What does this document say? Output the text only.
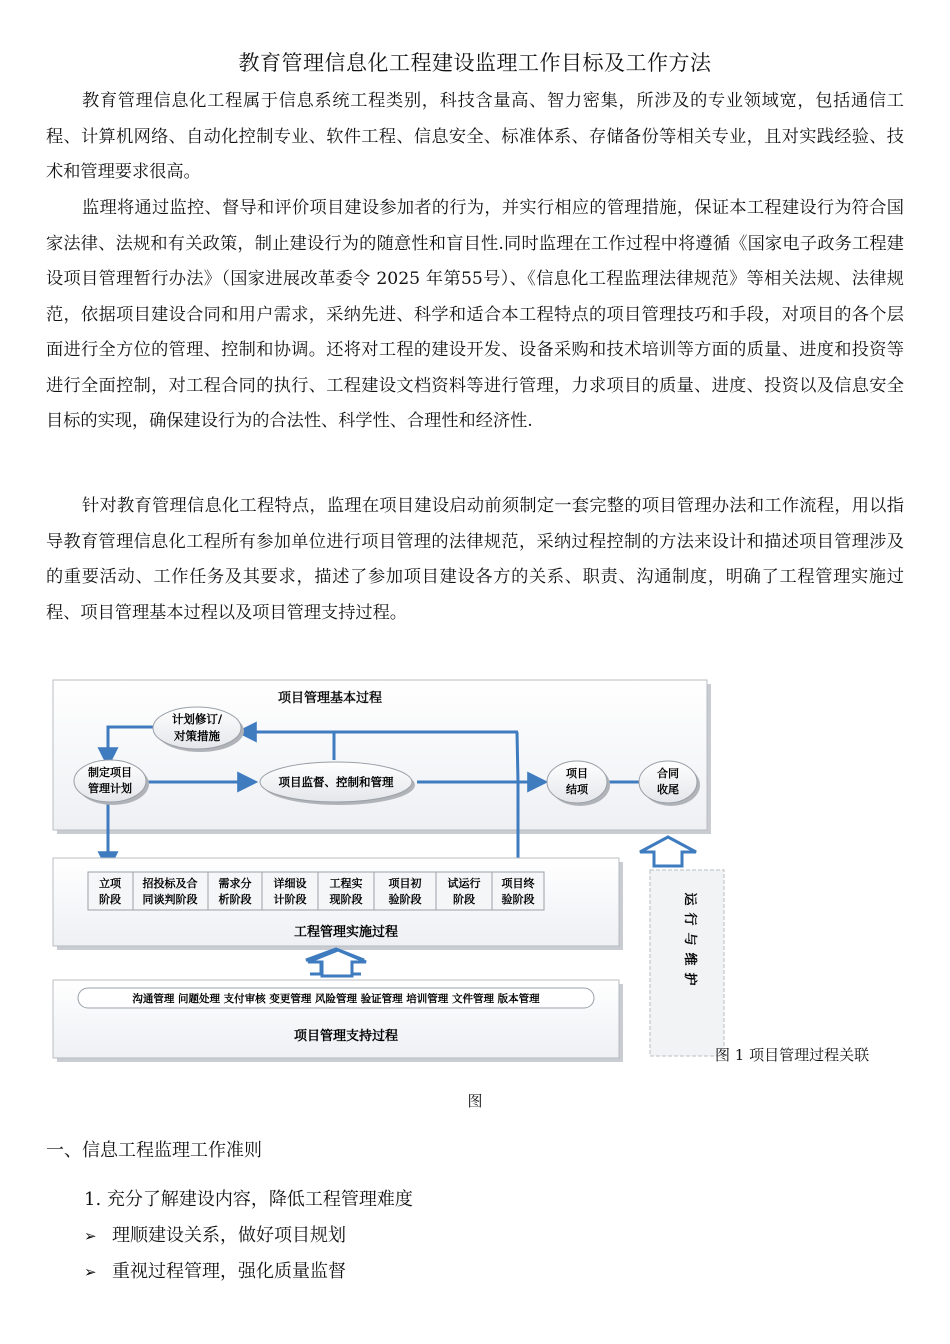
教育管理信息化工程建设监理工作目标及工作方法

教育管理信息化工程属于信息系统工程类别，科技含量高、智力密集，所涉及的专业领域宽，包括通信工程、计算机网络、自动化控制专业、软件工程、信息安全、标准体系、存储备份等相关专业，且对实践经验、技术和管理要求很高。

监理将通过监控、督导和评价项目建设参加者的行为，并实行相应的管理措施，保证本工程建设行为符合国家法律、法规和有关政策，制止建设行为的随意性和盲目性.同时监理在工作过程中将遵循《国家电子政务工程建设项目管理暂行办法》（国家进展改革委令 2025 年第55号）、《信息化工程监理法律规范》等相关法规、法律规范，依据项目建设合同和用户需求，采纳先进、科学和适合本工程特点的项目管理技巧和手段，对项目的各个层面进行全方位的管理、控制和协调。还将对工程的建设开发、设备采购和技术培训等方面的质量、进度和投资等进行全面控制，对工程合同的执行、工程建设文档资料等进行管理，力求项目的质量、进度、投资以及信息安全目标的实现，确保建设行为的合法性、科学性、合理性和经济性.

针对教育管理信息化工程特点，监理在项目建设启动前须制定一套完整的项目管理办法和工作流程，用以指导教育管理信息化工程所有参加单位进行项目管理的法律规范，采纳过程控制的方法来设计和描述项目管理涉及的重要活动、工作任务及其要求，描述了参加项目建设各方的关系、职责、沟通制度，明确了工程管理实施过程、项目管理基本过程以及项目管理支持过程。

项目管理基本过程
计划修订/
对策措施
制定项目
管理计划	项目监督、控制和管理
项目
结项
合同
收尾
立项
阶段
招投标及合
同谈判阶段
需求分
析阶段
详细设
计阶段
工程实
现阶段
项目初
验阶段
试运行
阶段
项目终
验阶段
工程管理实施过程
沟通管理 问题处理 支付审核 变更管理 风险管理 验证管理 培训管理 文件管理 版本管理
项目管理支持过程
运
行
与
维
护
图 1 项目管理过程关联
图
一、信息工程监理工作准则
1. 充分了解建设内容，降低工程管理难度
➢ 理顺建设关系，做好项目规划
➢ 重视过程管理，强化质量监督
